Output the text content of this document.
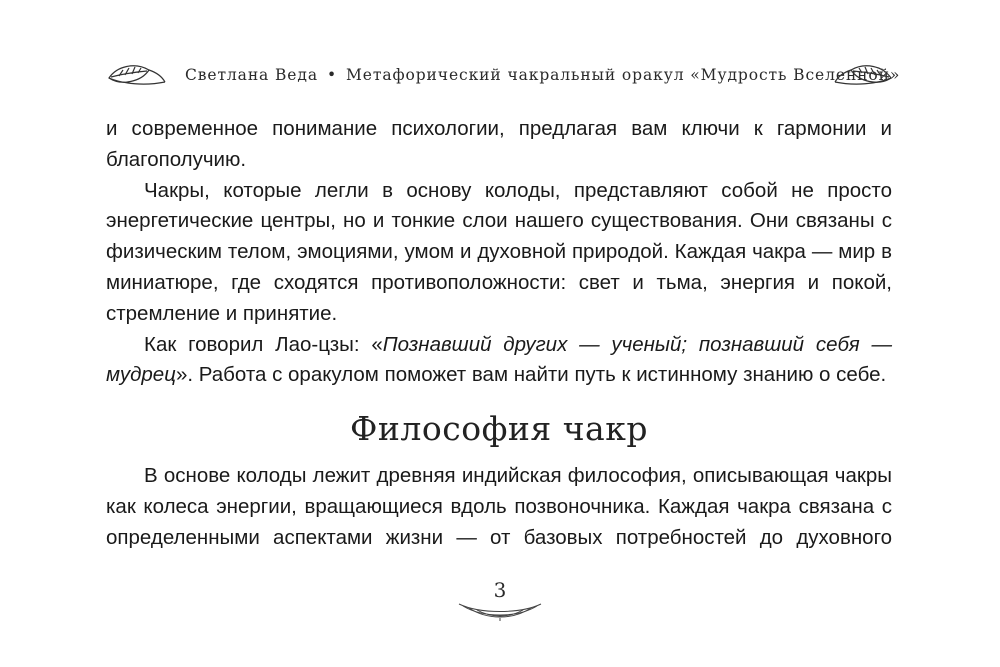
Светлана Веда • Метафорический чакральный оракул «Мудрость Вселенной»

и современное понимание психологии, предлагая вам ключи к гармонии и благополучию.

Чакры, которые легли в основу колоды, представляют собой не просто энергетические центры, но и тонкие слои нашего существования. Они связаны с физическим телом, эмоциями, умом и духовной природой. Каждая чакра — мир в миниатюре, где сходятся противоположности: свет и тьма, энергия и покой, стремление и принятие.

Как говорил Лао-цзы: «Познавший других — ученый; познавший себя — мудрец». Работа с оракулом поможет вам найти путь к истинному знанию о себе.

Философия чакр

В основе колоды лежит древняя индийская философия, описывающая чакры как колеса энергии, вращающиеся вдоль позвоночника. Каждая чакра связана с определенными аспектами жизни — от базовых потребностей до духовного

3
